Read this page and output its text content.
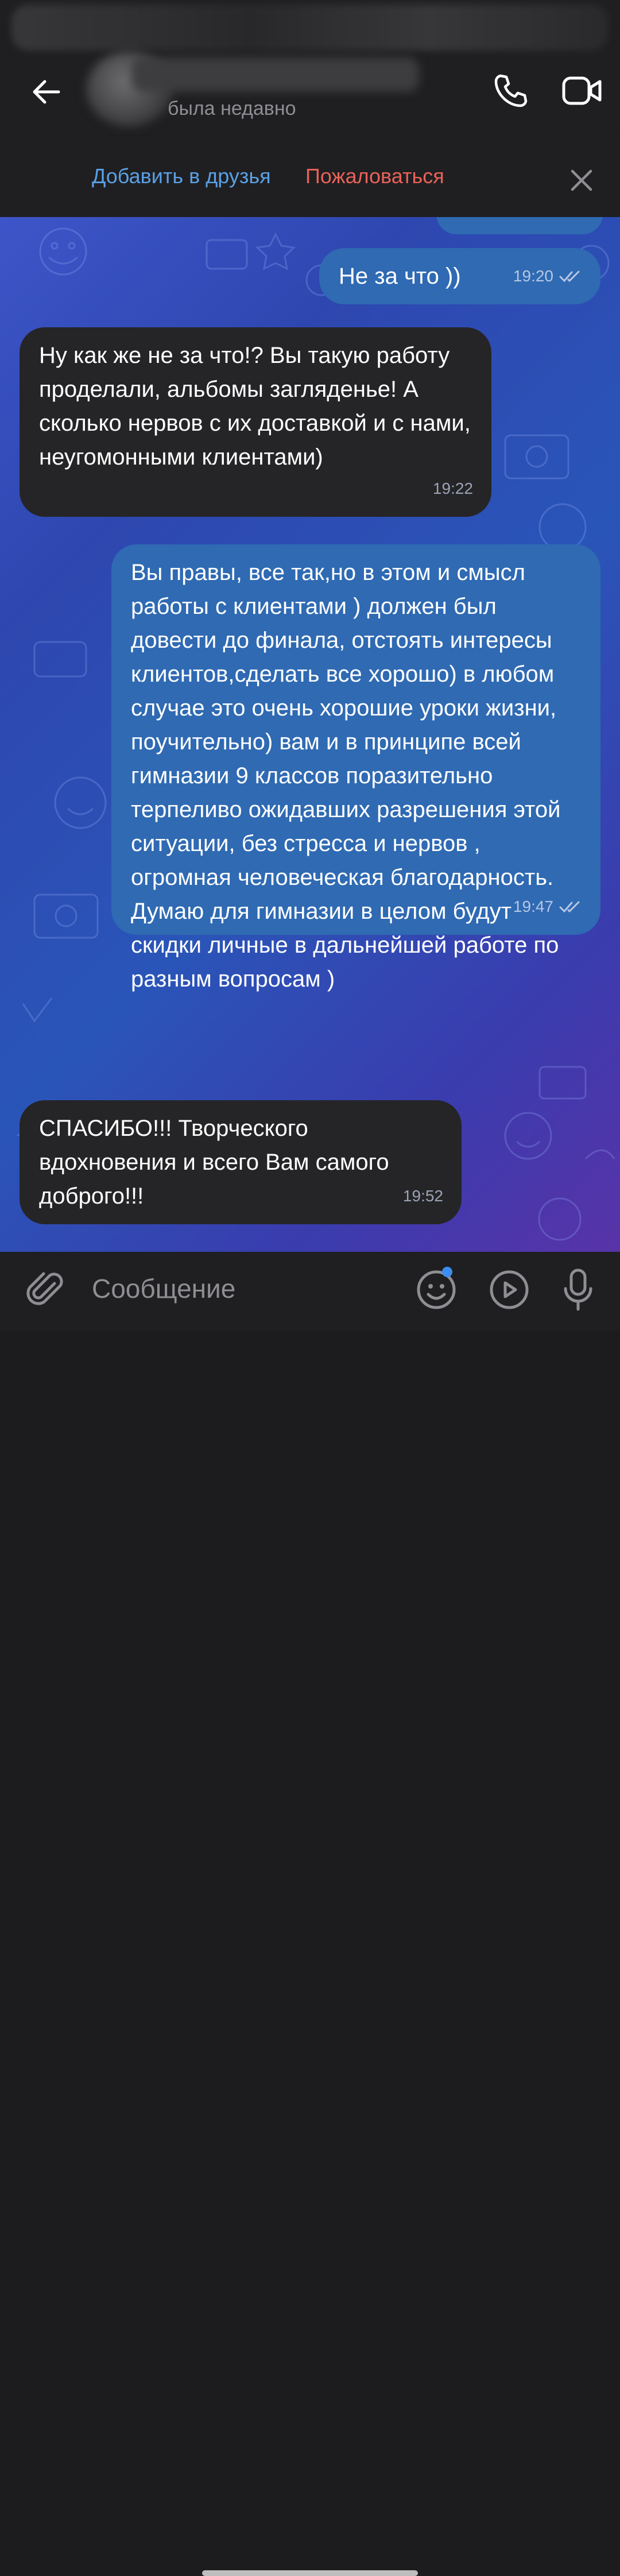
была недавно
Добавить в друзья Пожаловаться
Не за что ))	19:20
Ну как же не за что!? Вы такую работу проделали, альбомы загляденье! А сколько нервов с их доставкой и с нами, неугомонными клиентами)
19:22
Вы правы, все так,но в этом и смысл работы с клиентами ) должен был довести до финала, отстоять интересы клиентов,сделать все хорошо) в любом случае это очень хорошие уроки жизни, поучительно) вам и в принципе всей гимназии 9 классов поразительно терпеливо ожидавших разрешения этой ситуации, без стресса и нервов , огромная человеческая благодарность. Думаю для гимназии в целом будут скидки личные в дальнейшей работе по разным вопросам )
19:47
СПАСИБО!!! Творческого вдохновения и всего Вам самого доброго!!!	19:52
Сообщение
